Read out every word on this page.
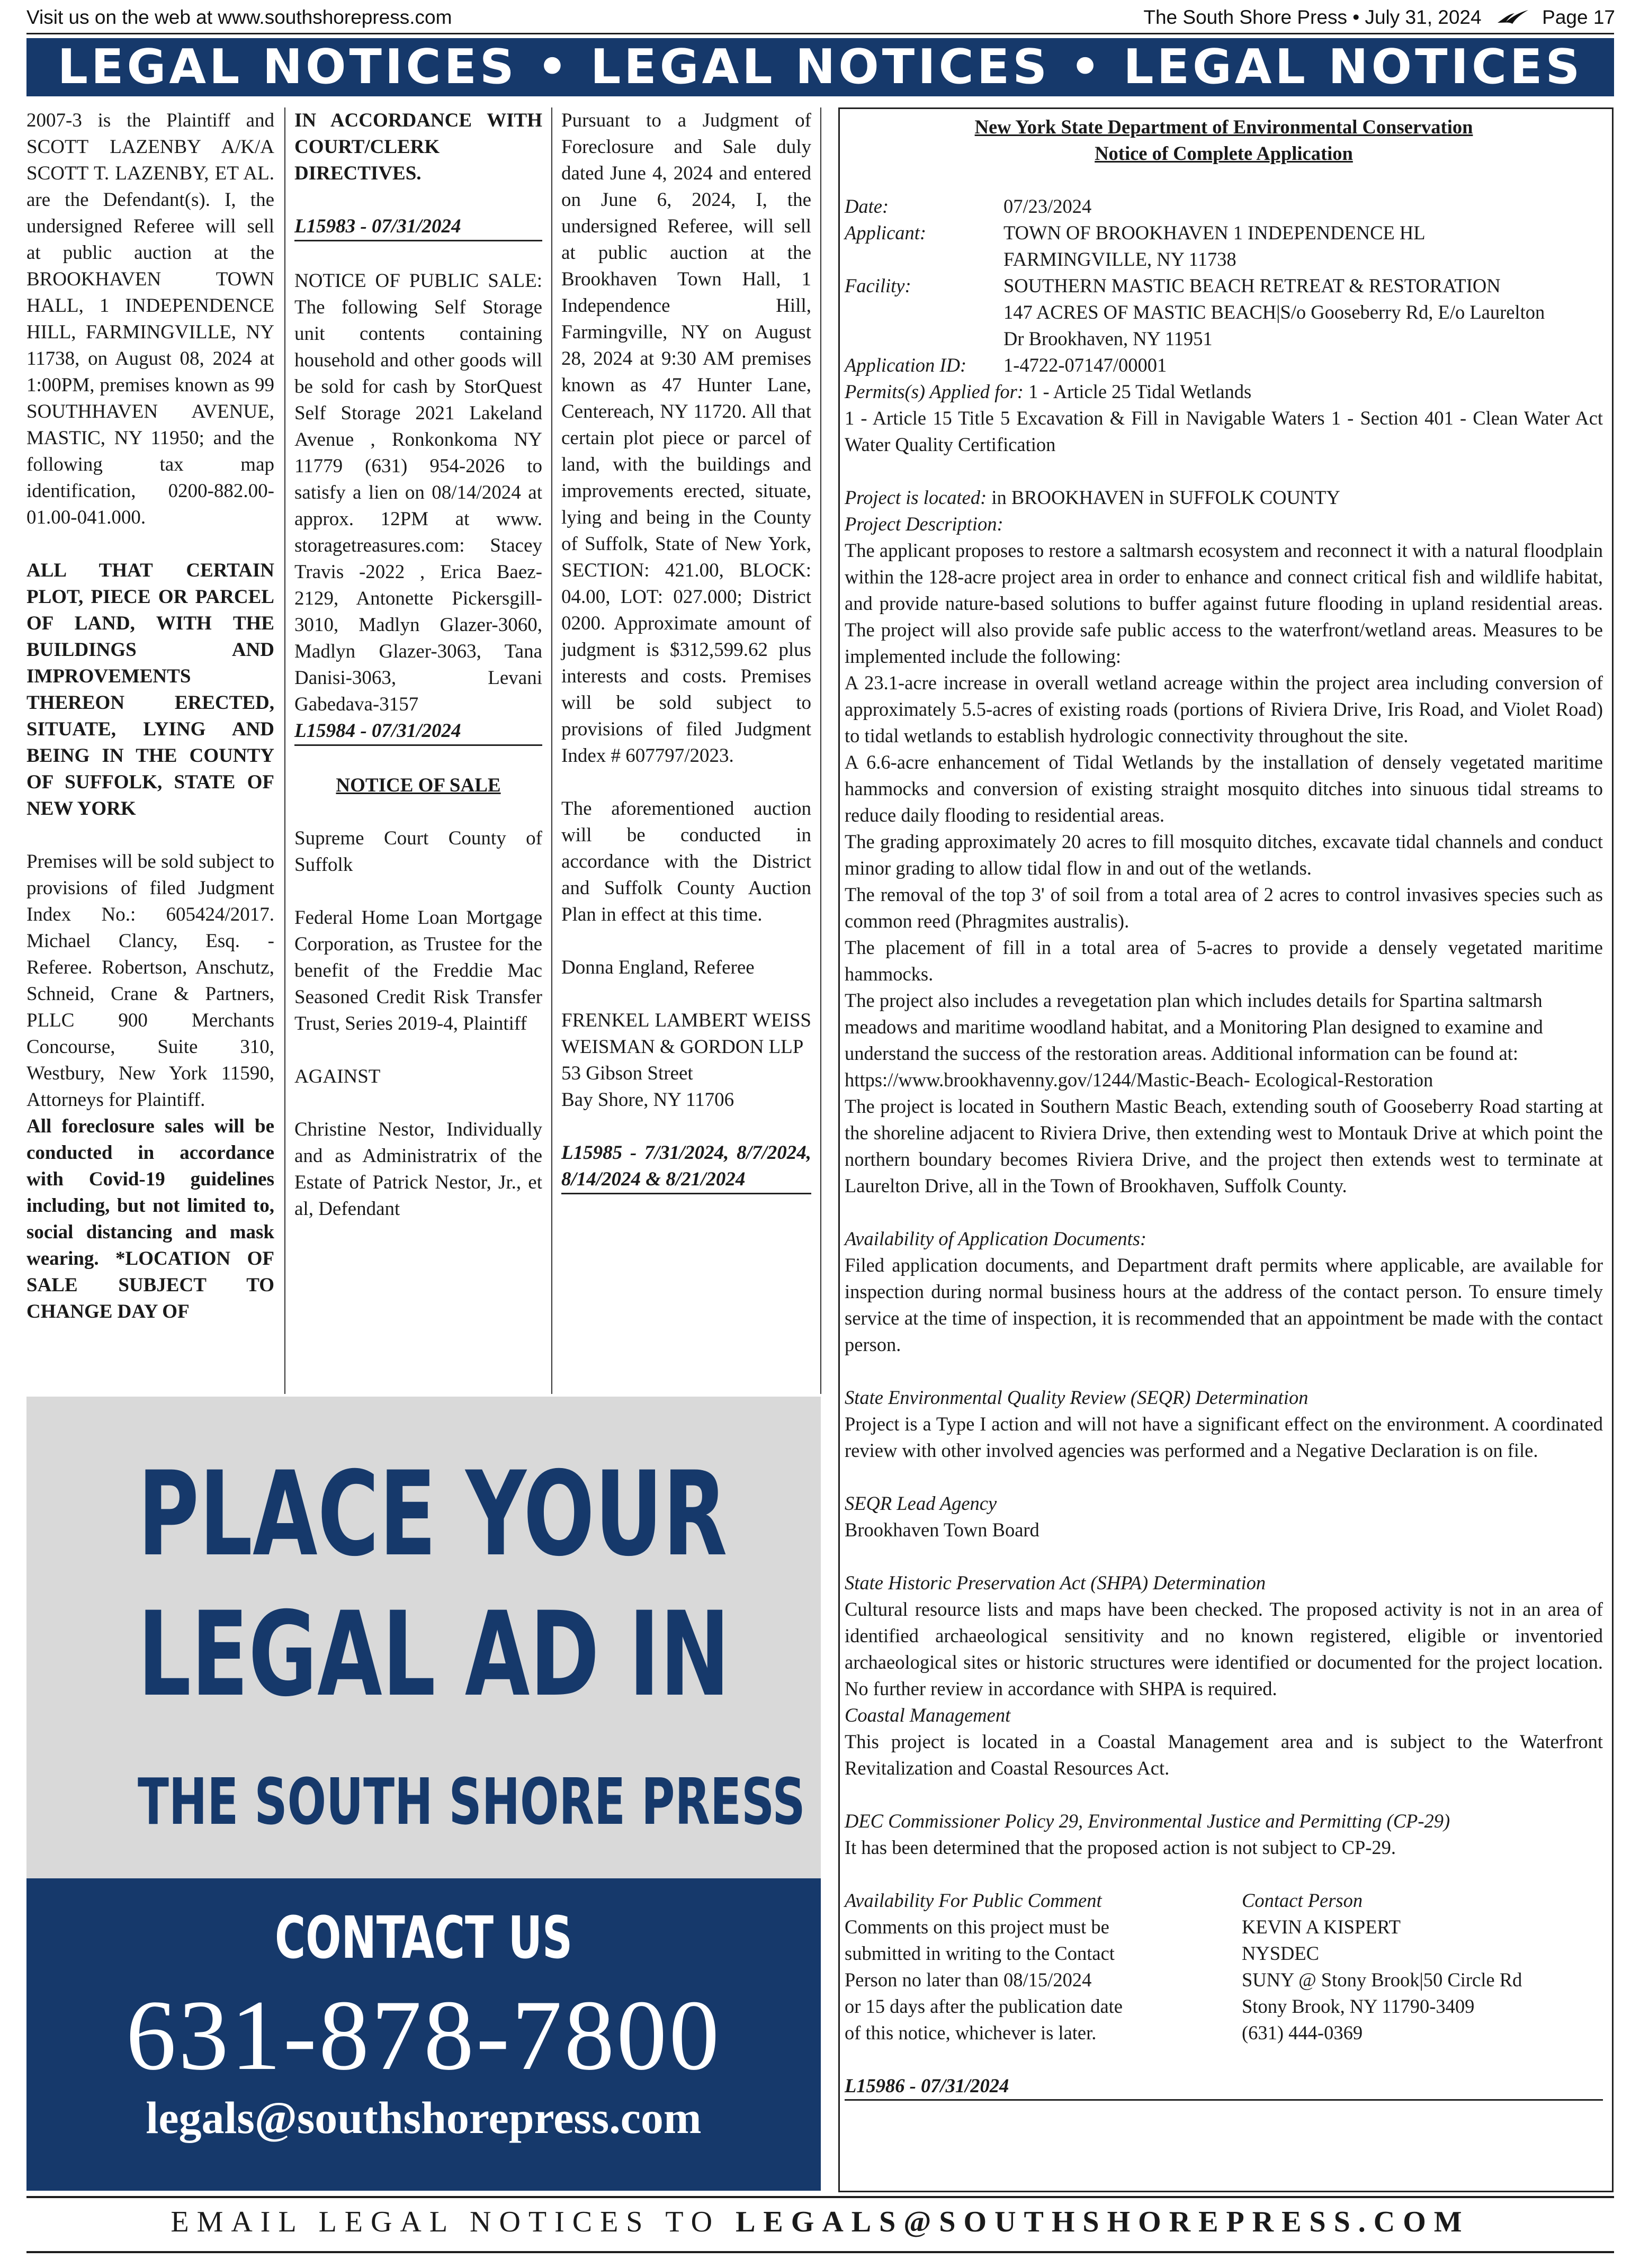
Visit us on the web at www.southshorepress.com	The South Shore Press • July 31, 2024	Page 17
LEGAL NOTICES • LEGAL NOTICES • LEGAL NOTICES

2007-3 is the Plaintiff and SCOTT LAZENBY A/K/A SCOTT T. LAZENBY, ET AL. are the Defendant(s). I, the undersigned Referee will sell at public auction at the BROOKHAVEN TOWN HALL, 1 INDEPENDENCE HILL, FARMINGVILLE, NY 11738, on August 08, 2024 at 1:00PM, premises known as 99 SOUTHHAVEN AVENUE, MASTIC, NY 11950; and the following tax map identification, 0200-882.00-01.00-041.000.

ALL THAT CERTAIN PLOT, PIECE OR PARCEL OF LAND, WITH THE BUILDINGS AND IMPROVEMENTS THEREON ERECTED, SITUATE, LYING AND BEING IN THE COUNTY OF SUFFOLK, STATE OF NEW YORK

Premises will be sold subject to provisions of filed Judgment Index No.: 605424/2017. Michael Clancy, Esq. - Referee. Robertson, Anschutz, Schneid, Crane & Partners, PLLC 900 Merchants Concourse, Suite 310, Westbury, New York 11590, Attorneys for Plaintiff.

All foreclosure sales will be conducted in accordance with Covid-19 guidelines including, but not limited to, social distancing and mask wearing. *LOCATION OF SALE SUBJECT TO CHANGE DAY OF

IN ACCORDANCE WITH COURT/CLERK DIRECTIVES.

L15983 - 07/31/2024

NOTICE OF PUBLIC SALE: The following Self Storage unit contents containing household and other goods will be sold for cash by StorQuest Self Storage 2021 Lakeland Avenue , Ronkonkoma NY 11779 (631) 954-2026 to satisfy a lien on 08/14/2024 at approx. 12PM at www. storagetreasures.com: Stacey Travis -2022 , Erica Baez-2129, Antonette Pickersgill-3010, Madlyn Glazer-3060, Madlyn Glazer-3063, Tana Danisi-3063, Levani Gabedava-3157

L15984 - 07/31/2024

NOTICE OF SALE

Supreme Court County of Suffolk

Federal Home Loan Mortgage Corporation, as Trustee for the benefit of the Freddie Mac Seasoned Credit Risk Transfer Trust, Series 2019-4, Plaintiff

AGAINST

Christine Nestor, Individually and as Administratrix of the Estate of Patrick Nestor, Jr., et al, Defendant

Pursuant to a Judgment of Foreclosure and Sale duly dated June 4, 2024 and entered on June 6, 2024, I, the undersigned Referee, will sell at public auction at the Brookhaven Town Hall, 1 Independence Hill, Farmingville, NY on August 28, 2024 at 9:30 AM premises known as 47 Hunter Lane, Centereach, NY 11720. All that certain plot piece or parcel of land, with the buildings and improvements erected, situate, lying and being in the County of Suffolk, State of New York, SECTION: 421.00, BLOCK: 04.00, LOT: 027.000; District 0200. Approximate amount of judgment is $312,599.62 plus interests and costs. Premises will be sold subject to provisions of filed Judgment Index # 607797/2023.

The aforementioned auction will be conducted in accordance with the District and Suffolk County Auction Plan in effect at this time.

Donna England, Referee

FRENKEL LAMBERT WEISS WEISMAN & GORDON LLP

53 Gibson Street

Bay Shore, NY 11706

L15985 - 7/31/2024, 8/7/2024, 8/14/2024 & 8/21/2024

New York State Department of Environmental Conservation
Notice of Complete Application
Date:	07/23/2024
Applicant:	TOWN OF BROOKHAVEN 1 INDEPENDENCE HL
FARMINGVILLE, NY 11738
Facility:	SOUTHERN MASTIC BEACH RETREAT & RESTORATION
147 ACRES OF MASTIC BEACH|S/o Gooseberry Rd, E/o Laurelton
Dr Brookhaven, NY 11951
Application ID:	1-4722-07147/00001
Permits(s) Applied for: 1 - Article 25 Tidal Wetlands
1 - Article 15 Title 5 Excavation & Fill in Navigable Waters 1 - Section 401 - Clean Water Act Water Quality Certification
Project is located: in BROOKHAVEN in SUFFOLK COUNTY
Project Description:
The applicant proposes to restore a saltmarsh ecosystem and reconnect it with a natural floodplain within the 128-acre project area in order to enhance and connect critical fish and wildlife habitat, and provide nature-based solutions to buffer against future flooding in upland residential areas. The project will also provide safe public access to the waterfront/wetland areas. Measures to be implemented include the following:
A 23.1-acre increase in overall wetland acreage within the project area including conversion of approximately 5.5-acres of existing roads (portions of Riviera Drive, Iris Road, and Violet Road) to tidal wetlands to establish hydrologic connectivity throughout the site.
A 6.6-acre enhancement of Tidal Wetlands by the installation of densely vegetated maritime hammocks and conversion of existing straight mosquito ditches into sinuous tidal streams to reduce daily flooding to residential areas.
The grading approximately 20 acres to fill mosquito ditches, excavate tidal channels and conduct minor grading to allow tidal flow in and out of the wetlands.
The removal of the top 3' of soil from a total area of 2 acres to control invasives species such as common reed (Phragmites australis).
The placement of fill in a total area of 5-acres to provide a densely vegetated maritime hammocks.
The project also includes a revegetation plan which includes details for Spartina saltmarsh meadows and maritime woodland habitat, and a Monitoring Plan designed to examine and understand the success of the restoration areas. Additional information can be found at: https://www.brookhavenny.gov/1244/Mastic-Beach- Ecological-Restoration
The project is located in Southern Mastic Beach, extending south of Gooseberry Road starting at the shoreline adjacent to Riviera Drive, then extending west to Montauk Drive at which point the northern boundary becomes Riviera Drive, and the project then extends west to terminate at Laurelton Drive, all in the Town of Brookhaven, Suffolk County.
Availability of Application Documents:
Filed application documents, and Department draft permits where applicable, are available for inspection during normal business hours at the address of the contact person. To ensure timely service at the time of inspection, it is recommended that an appointment be made with the contact person.
State Environmental Quality Review (SEQR) Determination
Project is a Type I action and will not have a significant effect on the environment. A coordinated review with other involved agencies was performed and a Negative Declaration is on file.
SEQR Lead Agency
Brookhaven Town Board
State Historic Preservation Act (SHPA) Determination
Cultural resource lists and maps have been checked. The proposed activity is not in an area of identified archaeological sensitivity and no known registered, eligible or inventoried archaeological sites or historic structures were identified or documented for the project location. No further review in accordance with SHPA is required.
Coastal Management
This project is located in a Coastal Management area and is subject to the Waterfront Revitalization and Coastal Resources Act.
DEC Commissioner Policy 29, Environmental Justice and Permitting (CP-29)
It has been determined that the proposed action is not subject to CP-29.
Availability For Public Comment
Comments on this project must be
submitted in writing to the Contact
Person no later than 08/15/2024
or 15 days after the publication date
of this notice, whichever is later.
Contact Person
KEVIN A KISPERT
NYSDEC
SUNY @ Stony Brook|50 Circle Rd
Stony Brook, NY 11790-3409
(631) 444-0369
L15986 - 07/31/2024
PLACE YOUR
LEGAL AD IN
THE SOUTH SHORE PRESS
CONTACT US
631-878-7800
legals@southshorepress.com
EMAIL LEGAL NOTICES TO LEGALS@SOUTHSHOREPRESS.COM
